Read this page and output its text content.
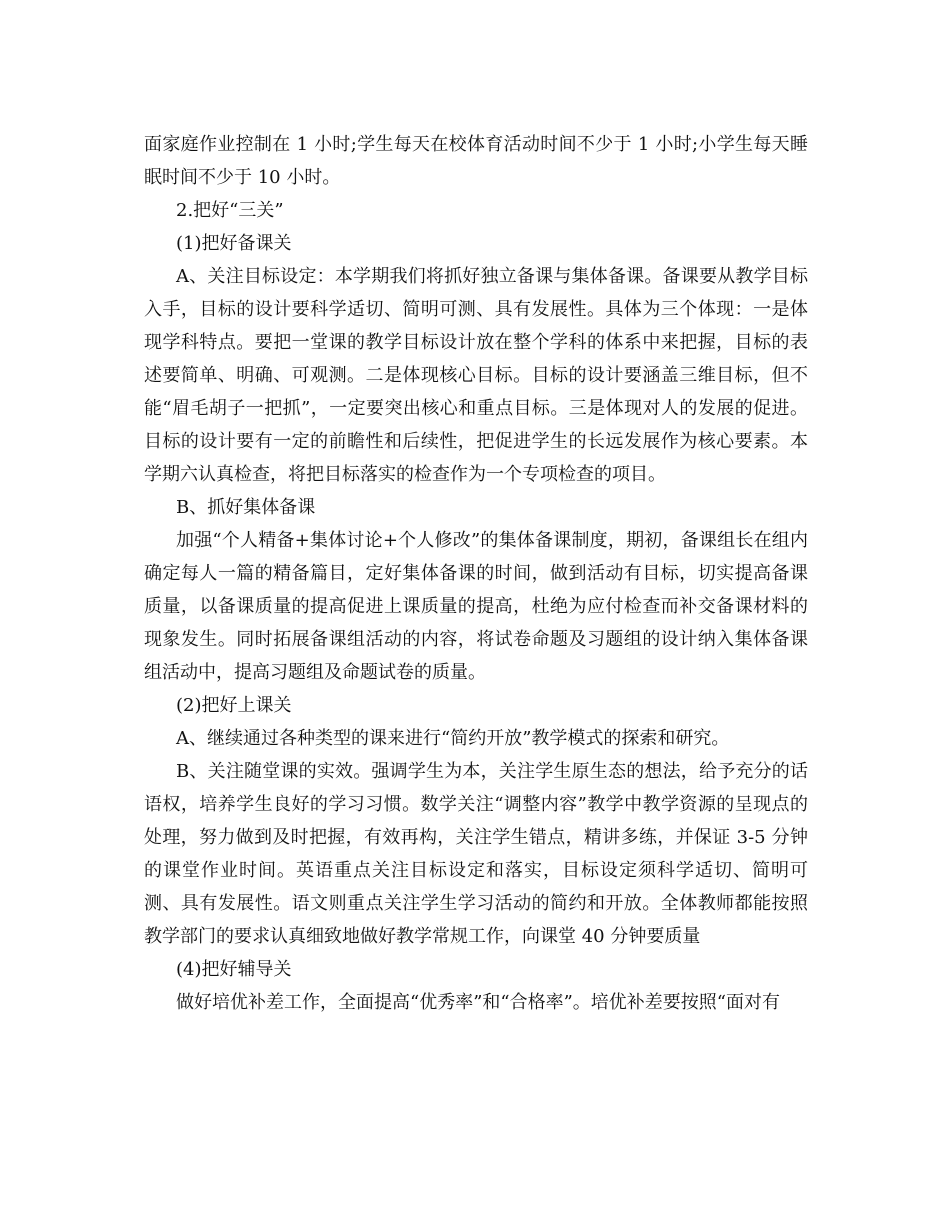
面家庭作业控制在 1 小时;学生每天在校体育活动时间不少于 1 小时;小学生每天睡眠时间不少于 10 小时。

2.把好“三关”

(1)把好备课关

A、关注目标设定：本学期我们将抓好独立备课与集体备课。备课要从教学目标入手，目标的设计要科学适切、简明可测、具有发展性。具体为三个体现：一是体现学科特点。要把一堂课的教学目标设计放在整个学科的体系中来把握，目标的表述要简单、明确、可观测。二是体现核心目标。目标的设计要涵盖三维目标，但不能“眉毛胡子一把抓”，一定要突出核心和重点目标。三是体现对人的发展的促进。目标的设计要有一定的前瞻性和后续性，把促进学生的长远发展作为核心要素。本学期六认真检查，将把目标落实的检查作为一个专项检查的项目。

B、抓好集体备课

加强“个人精备+集体讨论+个人修改”的集体备课制度，期初，备课组长在组内确定每人一篇的精备篇目，定好集体备课的时间，做到活动有目标，切实提高备课质量，以备课质量的提高促进上课质量的提高，杜绝为应付检查而补交备课材料的现象发生。同时拓展备课组活动的内容，将试卷命题及习题组的设计纳入集体备课组活动中，提高习题组及命题试卷的质量。

(2)把好上课关

A、继续通过各种类型的课来进行“简约开放”教学模式的探索和研究。

B、关注随堂课的实效。强调学生为本，关注学生原生态的想法，给予充分的话语权，培养学生良好的学习习惯。数学关注“调整内容”教学中教学资源的呈现点的处理，努力做到及时把握，有效再构，关注学生错点，精讲多练，并保证 3-5 分钟的课堂作业时间。英语重点关注目标设定和落实，目标设定须科学适切、简明可测、具有发展性。语文则重点关注学生学习活动的简约和开放。全体教师都能按照教学部门的要求认真细致地做好教学常规工作，向课堂 40 分钟要质量

(4)把好辅导关

做好培优补差工作，全面提高“优秀率”和“合格率”。培优补差要按照“面对有
